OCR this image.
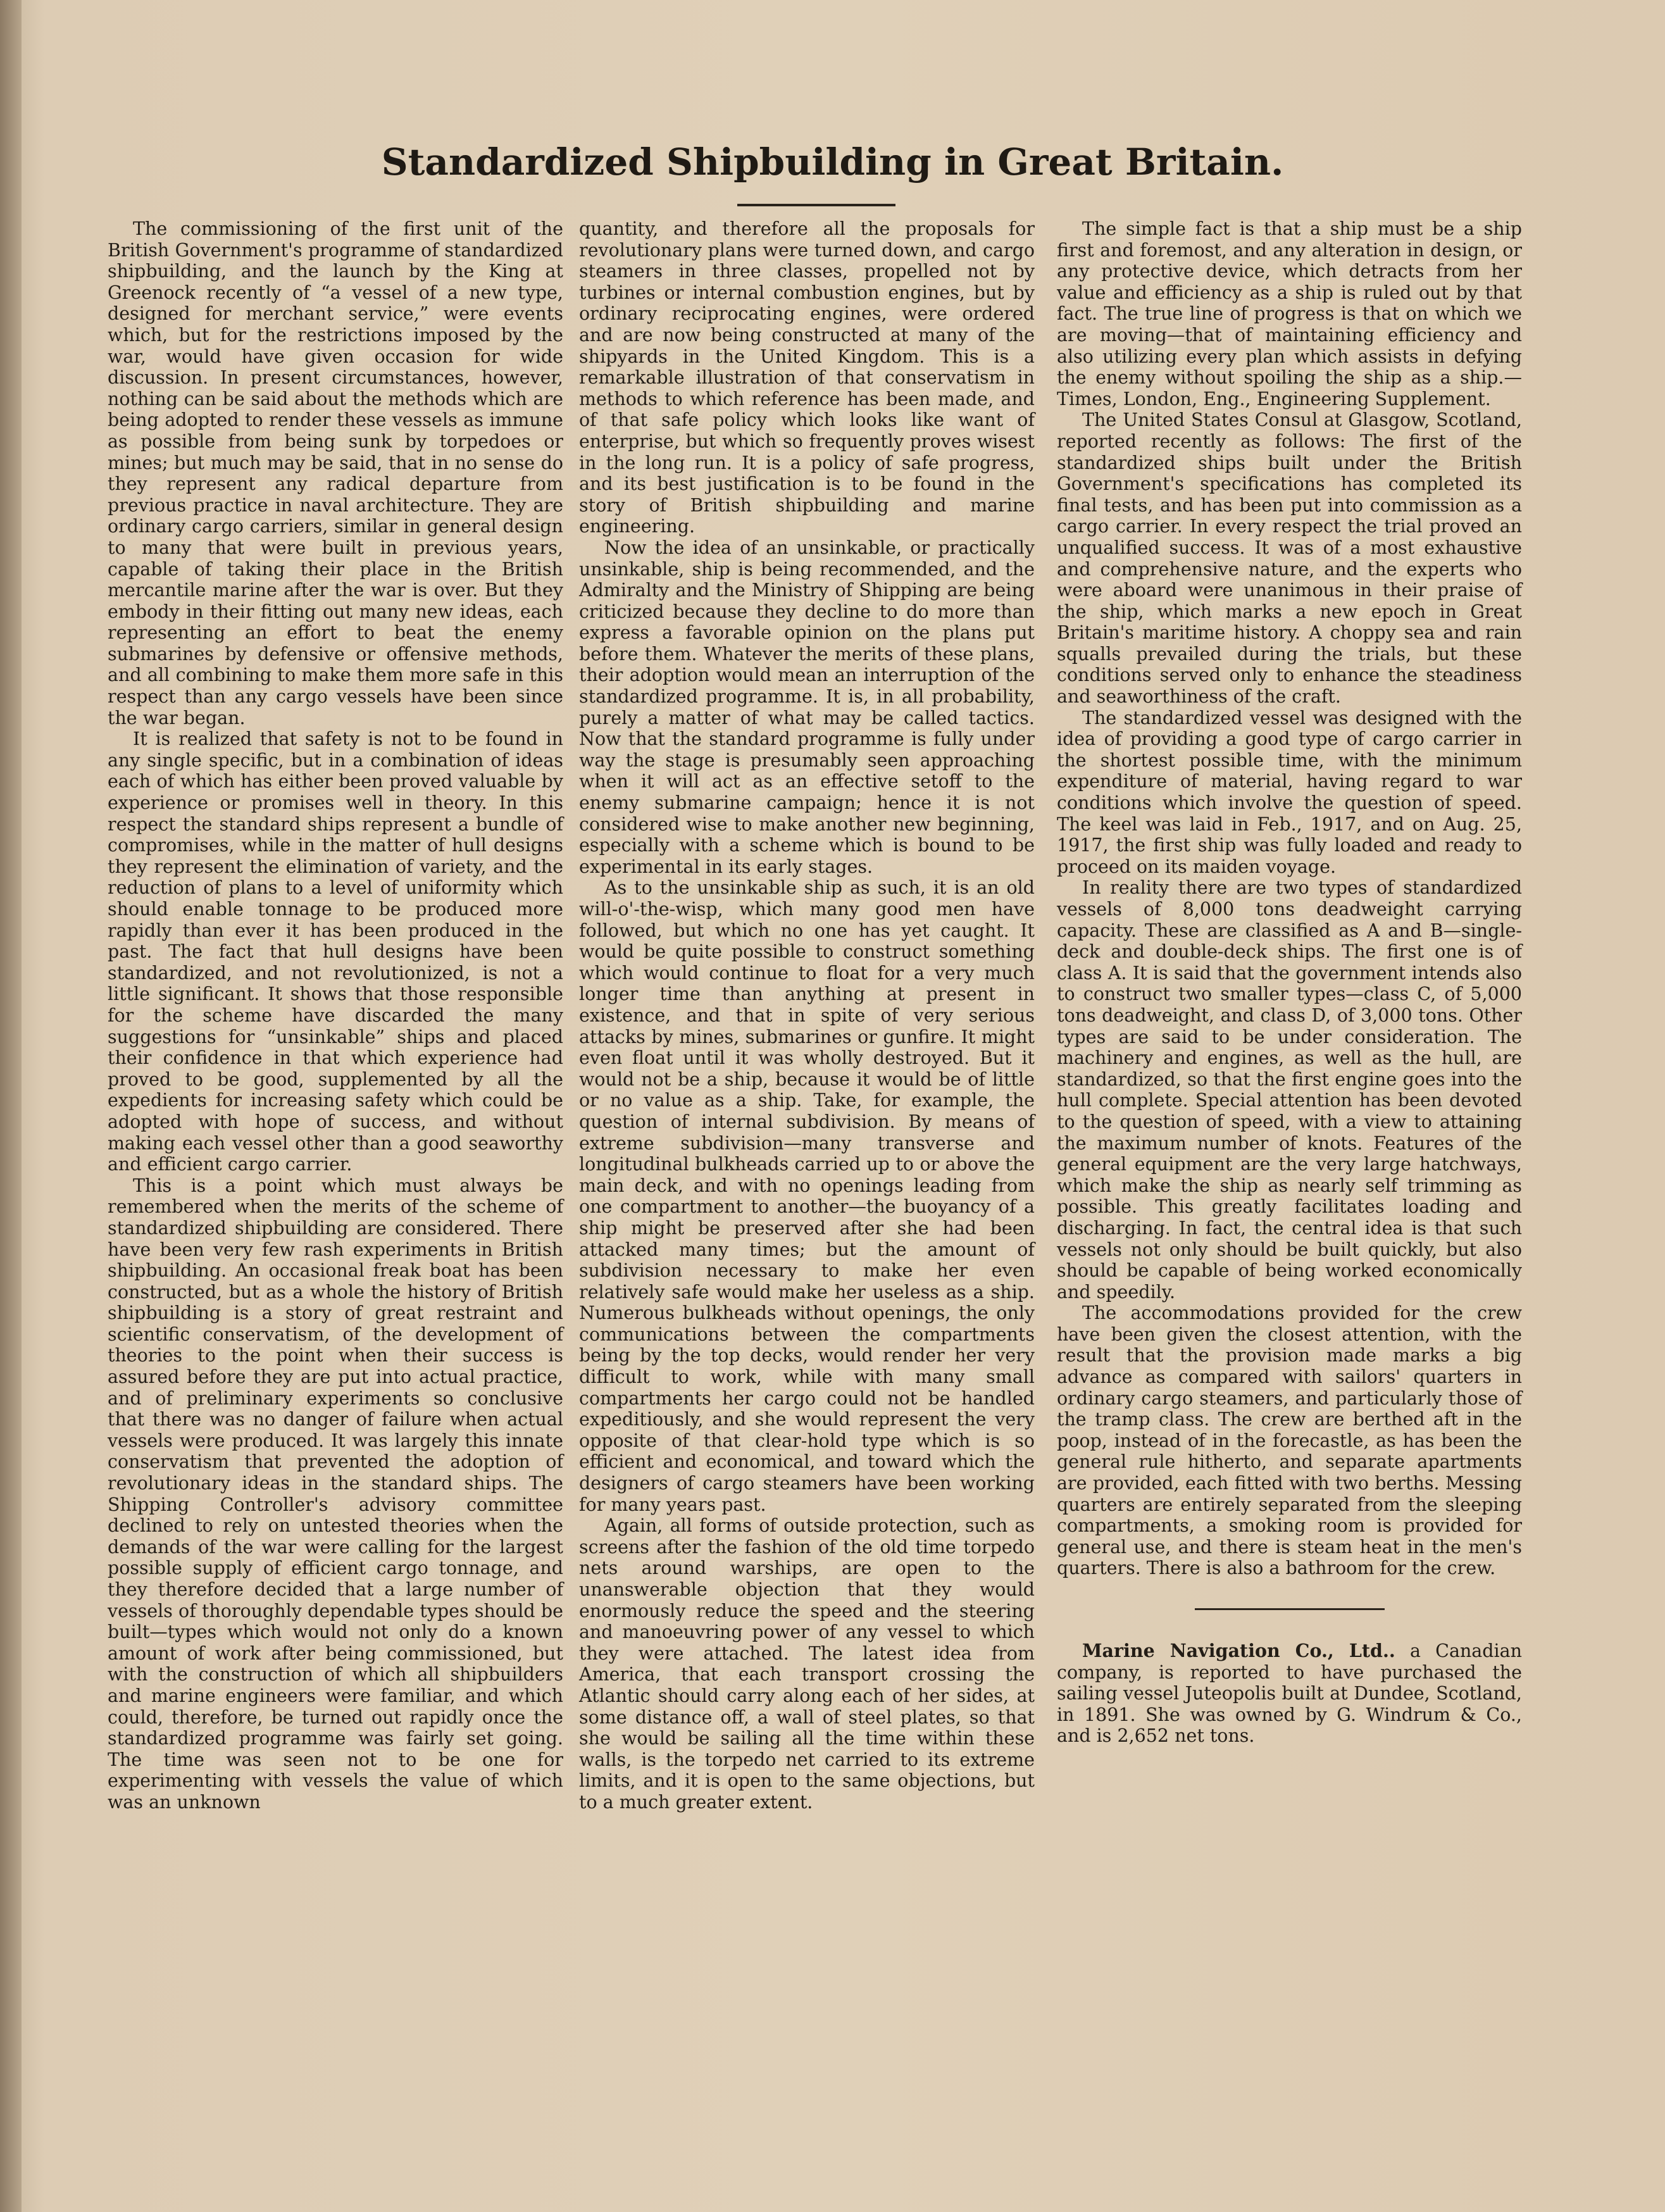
Standardized Shipbuilding in Great Britain.

The commissioning of the first unit of the British Government's programme of standardized shipbuilding, and the launch by the King at Greenock recently of “a vessel of a new type, designed for merchant service,” were events which, but for the restrictions imposed by the war, would have given occasion for wide discussion. In present circumstances, however, nothing can be said about the methods which are being adopted to render these vessels as immune as possible from being sunk by torpedoes or mines; but much may be said, that in no sense do they represent any radical departure from previous practice in naval architecture. They are ordinary cargo carriers, similar in general design to many that were built in previous years, capable of taking their place in the British mercantile marine after the war is over. But they embody in their fitting out many new ideas, each representing an effort to beat the enemy submarines by defensive or offensive methods, and all combining to make them more safe in this respect than any cargo vessels have been since the war began.

It is realized that safety is not to be found in any single specific, but in a combination of ideas each of which has either been proved valuable by experience or promises well in theory. In this respect the standard ships represent a bundle of compromises, while in the matter of hull designs they represent the elimination of variety, and the reduction of plans to a level of uniformity which should enable tonnage to be produced more rapidly than ever it has been produced in the past. The fact that hull designs have been standardized, and not revolutionized, is not a little significant. It shows that those responsible for the scheme have discarded the many suggestions for “unsinkable” ships and placed their confidence in that which experience had proved to be good, supplemented by all the expedients for increasing safety which could be adopted with hope of success, and without making each vessel other than a good seaworthy and efficient cargo carrier.

This is a point which must always be remembered when the merits of the scheme of standardized shipbuilding are considered. There have been very few rash experiments in British shipbuilding. An occasional freak boat has been constructed, but as a whole the history of British shipbuilding is a story of great restraint and scientific conservatism, of the development of theories to the point when their success is assured before they are put into actual practice, and of preliminary experiments so conclusive that there was no danger of failure when actual vessels were produced. It was largely this innate conservatism that prevented the adoption of revolutionary ideas in the standard ships. The Shipping Controller's advisory committee declined to rely on untested theories when the demands of the war were calling for the largest possible supply of efficient cargo tonnage, and they therefore decided that a large number of vessels of thoroughly dependable types should be built—types which would not only do a known amount of work after being commissioned, but with the construction of which all shipbuilders and marine engineers were familiar, and which could, therefore, be turned out rapidly once the standardized programme was fairly set going. The time was seen not to be one for experimenting with vessels the value of which was an unknown

quantity, and therefore all the proposals for revolutionary plans were turned down, and cargo steamers in three classes, propelled not by turbines or internal combustion engines, but by ordinary reciprocating engines, were ordered and are now being constructed at many of the shipyards in the United Kingdom. This is a remarkable illustration of that conservatism in methods to which reference has been made, and of that safe policy which looks like want of enterprise, but which so frequently proves wisest in the long run. It is a policy of safe progress, and its best justification is to be found in the story of British shipbuilding and marine engineering.

Now the idea of an unsinkable, or practically unsinkable, ship is being recommended, and the Admiralty and the Ministry of Shipping are being criticized because they decline to do more than express a favorable opinion on the plans put before them. Whatever the merits of these plans, their adoption would mean an interruption of the standardized programme. It is, in all probability, purely a matter of what may be called tactics. Now that the standard programme is fully under way the stage is presumably seen approaching when it will act as an effective setoff to the enemy submarine campaign; hence it is not considered wise to make another new beginning, especially with a scheme which is bound to be experimental in its early stages.

As to the unsinkable ship as such, it is an old will-o'-the-wisp, which many good men have followed, but which no one has yet caught. It would be quite possible to construct something which would continue to float for a very much longer time than anything at present in existence, and that in spite of very serious attacks by mines, submarines or gunfire. It might even float until it was wholly destroyed. But it would not be a ship, because it would be of little or no value as a ship. Take, for example, the question of internal subdivision. By means of extreme subdivision—many transverse and longitudinal bulkheads carried up to or above the main deck, and with no openings leading from one compartment to another—the buoyancy of a ship might be preserved after she had been attacked many times; but the amount of subdivision necessary to make her even relatively safe would make her useless as a ship. Numerous bulkheads without openings, the only communications between the compartments being by the top decks, would render her very difficult to work, while with many small compartments her cargo could not be handled expeditiously, and she would represent the very opposite of that clear-hold type which is so efficient and economical, and toward which the designers of cargo steamers have been working for many years past.

Again, all forms of outside protection, such as screens after the fashion of the old time torpedo nets around warships, are open to the unanswerable objection that they would enormously reduce the speed and the steering and manoeuvring power of any vessel to which they were attached. The latest idea from America, that each transport crossing the Atlantic should carry along each of her sides, at some distance off, a wall of steel plates, so that she would be sailing all the time within these walls, is the torpedo net carried to its extreme limits, and it is open to the same objections, but to a much greater extent.

The simple fact is that a ship must be a ship first and foremost, and any alteration in design, or any protective device, which detracts from her value and efficiency as a ship is ruled out by that fact. The true line of progress is that on which we are moving—that of maintaining efficiency and also utilizing every plan which assists in defying the enemy without spoiling the ship as a ship.—Times, London, Eng., Engineering Supplement.

The United States Consul at Glasgow, Scotland, reported recently as follows: The first of the standardized ships built under the British Government's specifications has completed its final tests, and has been put into commission as a cargo carrier. In every respect the trial proved an unqualified success. It was of a most exhaustive and comprehensive nature, and the experts who were aboard were unanimous in their praise of the ship, which marks a new epoch in Great Britain's maritime history. A choppy sea and rain squalls prevailed during the trials, but these conditions served only to enhance the steadiness and seaworthiness of the craft.

The standardized vessel was designed with the idea of providing a good type of cargo carrier in the shortest possible time, with the minimum expenditure of material, having regard to war conditions which involve the question of speed. The keel was laid in Feb., 1917, and on Aug. 25, 1917, the first ship was fully loaded and ready to proceed on its maiden voyage.

In reality there are two types of standardized vessels of 8,000 tons deadweight carrying capacity. These are classified as A and B—single-deck and double-deck ships. The first one is of class A. It is said that the government intends also to construct two smaller types—class C, of 5,000 tons deadweight, and class D, of 3,000 tons. Other types are said to be under consideration. The machinery and engines, as well as the hull, are standardized, so that the first engine goes into the hull complete. Special attention has been devoted to the question of speed, with a view to attaining the maximum number of knots. Features of the general equipment are the very large hatchways, which make the ship as nearly self trimming as possible. This greatly facilitates loading and discharging. In fact, the central idea is that such vessels not only should be built quickly, but also should be capable of being worked economically and speedily.

The accommodations provided for the crew have been given the closest attention, with the result that the provision made marks a big advance as compared with sailors' quarters in ordinary cargo steamers, and particularly those of the tramp class. The crew are berthed aft in the poop, instead of in the forecastle, as has been the general rule hitherto, and separate apartments are provided, each fitted with two berths. Messing quarters are entirely separated from the sleeping compartments, a smoking room is provided for general use, and there is steam heat in the men's quarters. There is also a bathroom for the crew.

Marine Navigation Co., Ltd.. a Canadian company, is reported to have purchased the sailing vessel Juteopolis built at Dundee, Scotland, in 1891. She was owned by G. Windrum & Co., and is 2,652 net tons.
